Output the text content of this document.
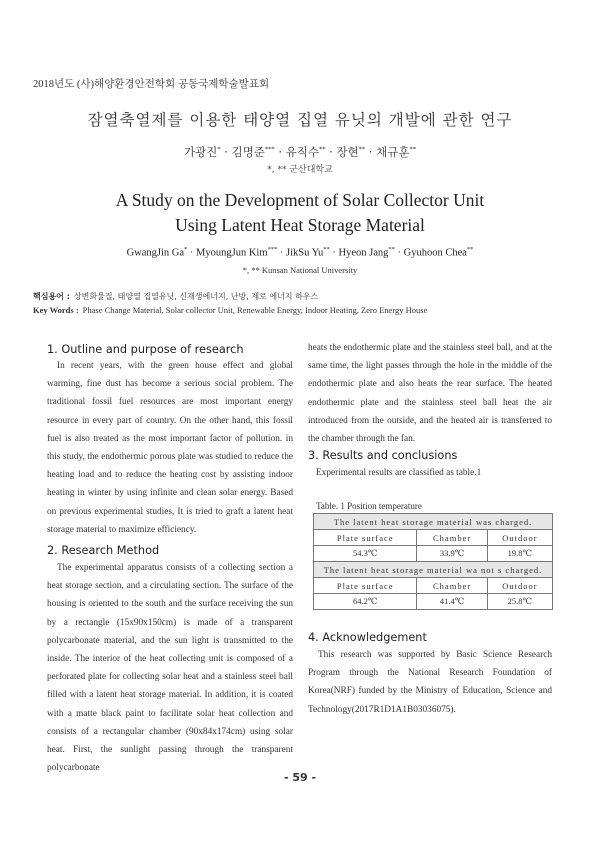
2018년도 (사)해양환경안전학회 공동국제학술발표회
잠열축열제를 이용한 태양열 집열 유닛의 개발에 관한 연구
가광진* · 김명준*** · 유직수** · 장현** · 채규훈**
*, ** 군산대학교
A Study on the Development of Solar Collector Unit
Using Latent Heat Storage Material
GwangJin Ga* · MyoungJun Kim*** · JikSu Yu** · Hyeon Jang** · Gyuhoon Chea**
*, ** Kunsan National University
핵심용어 : 상변화물질, 태양열 집열유닛, 신재생에너지, 난방, 제로 에너지 하우스
Key Words : Phase Change Material, Solar collector Unit, Renewable Energy, Indoor Heating, Zero Energy House
1. Outline and purpose of research

In recent years, with the green house effect and global warming, fine dust has become a serious social problem. The traditional fossil fuel resources are most important energy resource in every part of country. On the other hand, this fossil fuel is also treated as the most important factor of pollution. in this study, the endothermic porous plate was studied to reduce the heating load and to reduce the heating cost by assisting indoor heating in winter by using infinite and clean solar energy. Based on previous experimental studies, It is tried to graft a latent heat storage material to maximize efficiency.

2. Research Method

The experimental apparatus consists of a collecting section a heat storage section, and a circulating section. The surface of the housing is oriented to the south and the surface receiving the sun by a rectangle (15x90x150cm) is made of a transparent polycarbonate material, and the sun light is transmitted to the inside. The interior of the heat collecting unit is composed of a perforated plate for collecting solar heat and a stainless steel ball filled with a latent heat storage material. In addition, it is coated with a matte black paint to facilitate solar heat collection and consists of a rectangular chamber (90x84x174cm) using solar heat. First, the sunlight passing through the transparent polycarbonate

heats the endothermic plate and the stainless steel ball, and at the same time, the light passes through the hole in the middle of the endothermic plate and also heats the rear surface. The heated endothermic plate and the stainless steel ball heat the air introduced from the outside, and the heated air is transferred to the chamber through the fan.

3. Results and conclusions

Experimental results are classified as table.1

Table. 1 Position temperature
The latent heat storage material was charged.		
Plate surface	Chamber	Outdoor
54.3℃	33.9℃	19.8℃
The latent heat storage material wa not s charged.		
Plate surface	Chamber	Outdoor
64.2℃	41.4℃	25.8℃
4. Acknowledgement

This research was supported by Basic Science Research Program through the National Research Foundation of Korea(NRF) funded by the Ministry of Education, Science and Technology(2017R1D1A1B03036075).

- 59 -
